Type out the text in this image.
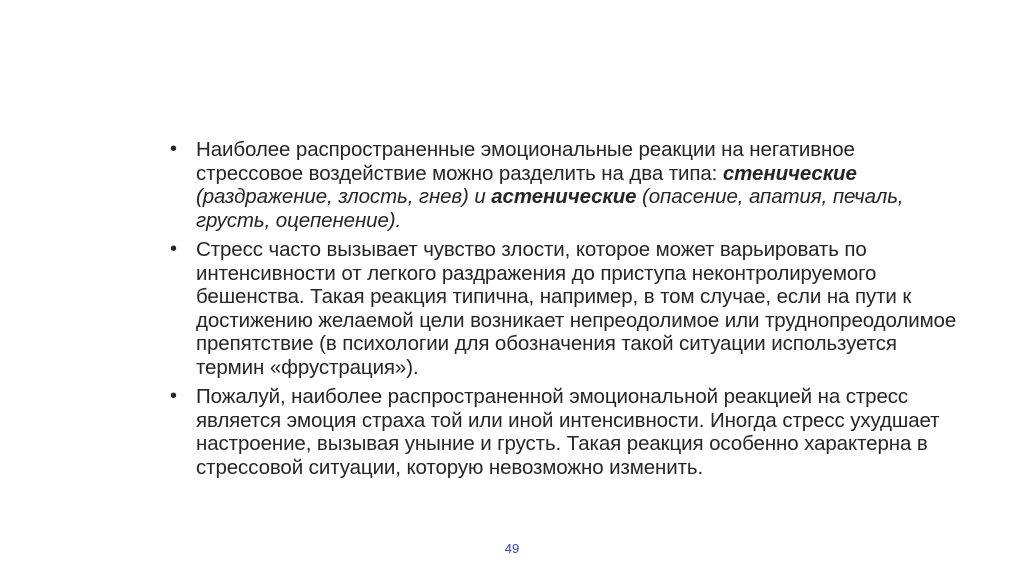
• Наиболее распространенные эмоциональные реакции на негативное стрессовое воздействие можно разделить на два типа: стенические (раздражение, злость, гнев) и астенические (опасение, апатия, печаль, грусть, оцепенение).
• Стресс часто вызывает чувство злости, которое может варьировать по интенсивности от легкого раздражения до приступа неконтролируемого бешенства. Такая реакция типична, например, в том случае, если на пути к достижению желаемой цели возникает непреодолимое или труднопреодолимое препятствие (в психологии для обозначения такой ситуации используется термин «фрустрация»).
• Пожалуй, наиболее распространенной эмоциональной реакцией на стресс является эмоция страха той или иной интенсивности. Иногда стресс ухудшает настроение, вызывая уныние и грусть. Такая реакция особенно характерна в стрессовой ситуации, которую невозможно изменить.
49
